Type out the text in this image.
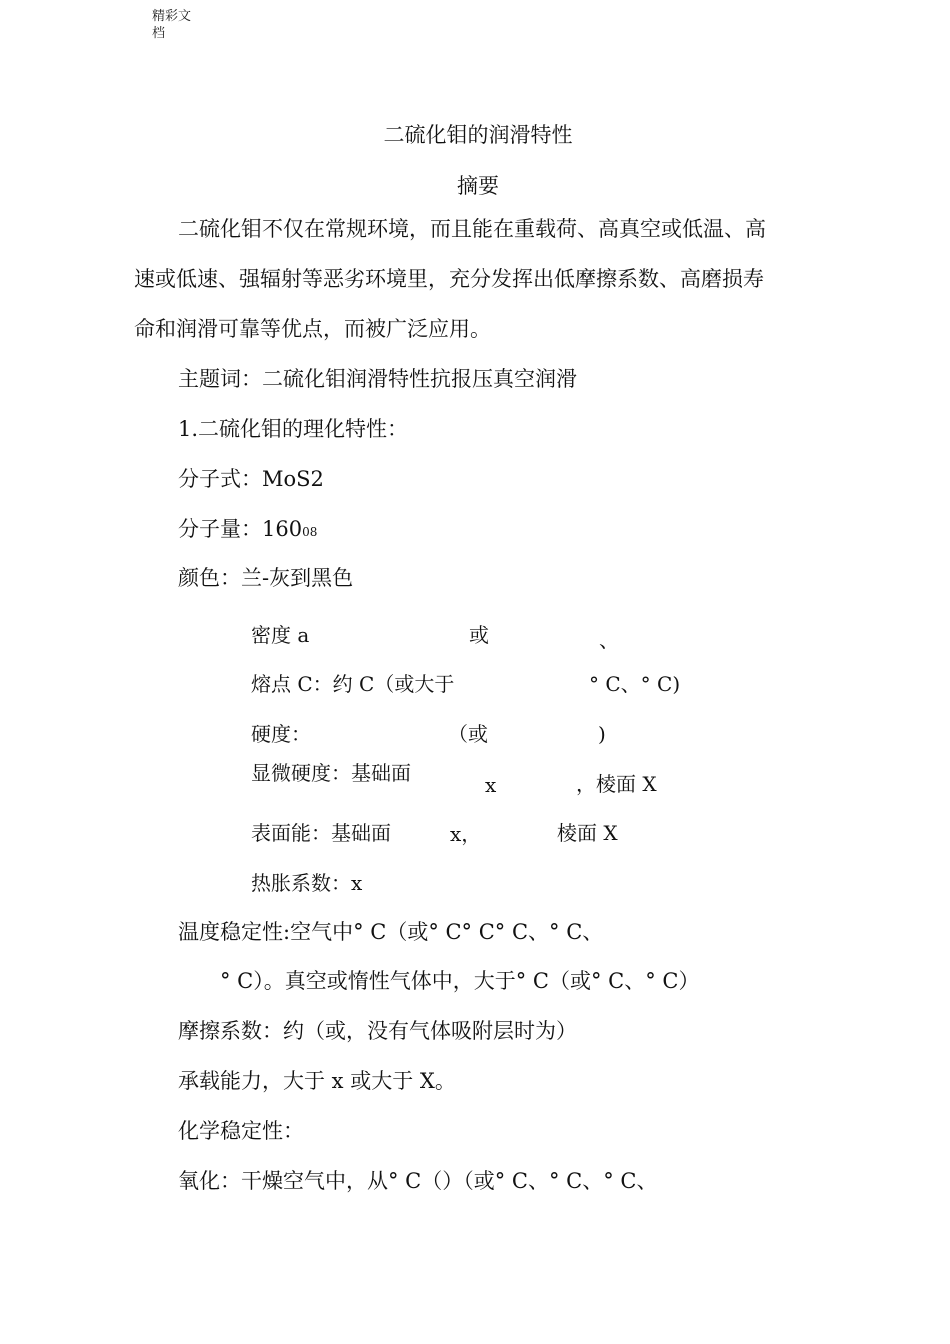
精彩文档
二硫化钼的润滑特性
摘要
二硫化钼不仅在常规环境，而且能在重载荷、高真空或低温、高
速或低速、强辐射等恶劣环境里，充分发挥出低摩擦系数、高磨损寿
命和润滑可靠等优点，而被广泛应用。
主题词：二硫化钼润滑特性抗报压真空润滑
1.二硫化钼的理化特性：
分子式：MoS2
分子量：16008
颜色：兰-灰到黑色
密度 a	或	、
熔点 C：约 C（或大于	° C、° C)
硬度：	（或	)
显微硬度：基础面	x	，棱面 X
表面能：基础面	x，	棱面 X
热胀系数：x
温度稳定性:空气中° C（或° C° C° C、° C、
° C）。真空或惰性气体中，大于° C（或° C、° C）
摩擦系数：约（或，没有气体吸附层时为）
承载能力，大于 x 或大于 X。
化学稳定性：
氧化：干燥空气中，从° C（）（或° C、° C、° C、
